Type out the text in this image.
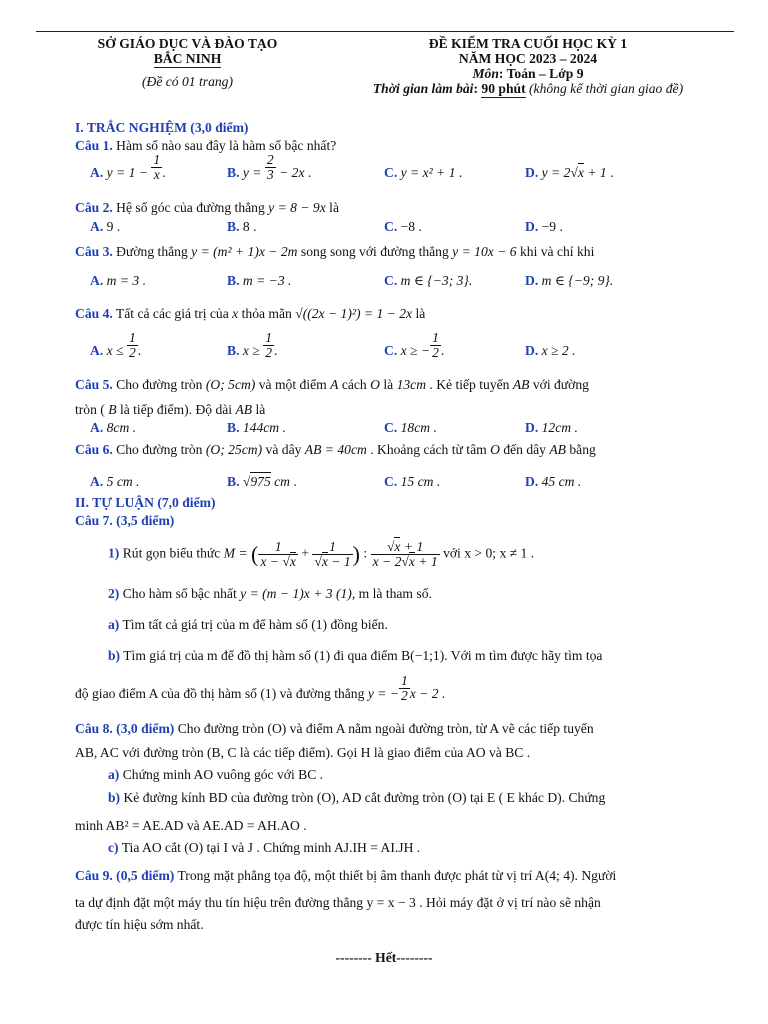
SỞ GIÁO DỤC VÀ ĐÀO TẠO
BẮC NINH
(Đề có 01 trang)
ĐỀ KIỂM TRA CUỐI HỌC KỲ 1
NĂM HỌC 2023 – 2024
Môn: Toán – Lớp 9
Thời gian làm bài: 90 phút (không kể thời gian giao đề)
I. TRẮC NGHIỆM (3,0 điểm)
Câu 1. Hàm số nào sau đây là hàm số bậc nhất?
A. $y = 1 - \frac{1}{x}$ .	B. $y = \frac{2}{3} - 2x$ .	C. y = x² + 1 .	D. y = 2√x + 1 .
Câu 2. Hệ số góc của đường thẳng y = 8 − 9x là
A. 9 .	B. 8 .	C. −8 .	D. −9 .
Câu 3. Đường thẳng y = (m² + 1)x − 2m song song với đường thẳng y = 10x − 6 khi và chỉ khi
A. m = 3 .	B. m = −3 .	C. m ∈ {−3; 3}.	D. m ∈ {−9; 9}.
Câu 4. Tất cả các giá trị của x thỏa mãn √((2x − 1)²) = 1 − 2x là
A. $x \le \frac{1}{2}$ .	B. $x \ge \frac{1}{2}$ .	C. x ≥ − $\frac{1}{2}$ .	D. x ≥ 2 .
Câu 5. Cho đường tròn (O; 5cm) và một điểm A cách O là 13cm . Kẻ tiếp tuyến AB với đường
tròn ( B là tiếp điểm). Độ dài AB là
A. 8cm .	B. 144cm .	C. 18cm .	D. 12cm .
Câu 6. Cho đường tròn (O; 25cm) và dây AB = 40cm . Khoảng cách từ tâm O đến dây AB bằng
A. 5 cm .	B. √975 cm .	C. 15 cm .	D. 45 cm .
II. TỰ LUẬN (7,0 điểm)
Câu 7. (3,5 điểm)
1) Rút gọn biểu thức M = ( $\frac{1}{x - √x} + \frac{1}{√x - 1}$ ) : $\frac{√x + 1}{x - 2√x + 1}$ với x > 0; x ≠ 1 .
2) Cho hàm số bậc nhất y = (m − 1)x + 3 (1), m là tham số.
a) Tìm tất cả giá trị của m để hàm số (1) đồng biến.
b) Tìm giá trị của m để đồ thị hàm số (1) đi qua điểm B(−1;1). Với m tìm được hãy tìm tọa
độ giao điểm A của đồ thị hàm số (1) và đường thẳng y = − $\frac{1}{2}$ x − 2 .
Câu 8. (3,0 điểm) Cho đường tròn (O) và điểm A nằm ngoài đường tròn, từ A vẽ các tiếp tuyến
AB, AC với đường tròn (B, C là các tiếp điểm). Gọi H là giao điểm của AO và BC .
a) Chứng minh AO vuông góc với BC .
b) Kẻ đường kính BD của đường tròn (O), AD cắt đường tròn (O) tại E ( E khác D). Chứng
minh AB² = AE.AD và AE.AD = AH.AO .
c) Tia AO cắt (O) tại I và J . Chứng minh AJ.IH = AI.JH .
Câu 9. (0,5 điểm) Trong mặt phẳng tọa độ, một thiết bị âm thanh được phát từ vị trí A(4; 4). Người
ta dự định đặt một máy thu tín hiệu trên đường thẳng y = x − 3 . Hỏi máy đặt ở vị trí nào sẽ nhận
được tín hiệu sớm nhất.
-------- Hết--------
